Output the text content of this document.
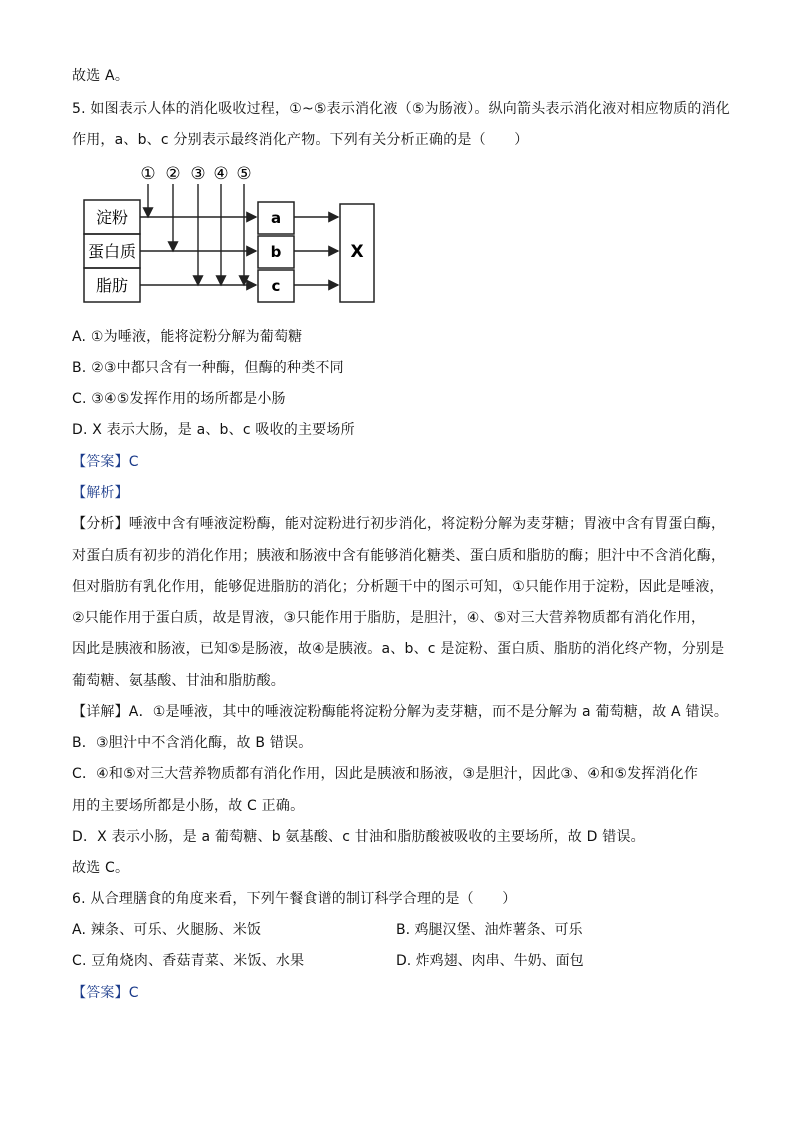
故选 A。
5. 如图表示人体的消化吸收过程，①~⑤表示消化液（⑤为肠液）。纵向箭头表示消化液对相应物质的消化
作用，a、b、c 分别表示最终消化产物。下列有关分析正确的是（　　）
① ② ③ ④ ⑤
淀粉
蛋白质
脂肪
a
b
c
X
A. ①为唾液，能将淀粉分解为葡萄糖
B. ②③中都只含有一种酶，但酶的种类不同
C. ③④⑤发挥作用的场所都是小肠
D. X 表示大肠，是 a、b、c 吸收的主要场所
【答案】C
【解析】
【分析】唾液中含有唾液淀粉酶，能对淀粉进行初步消化，将淀粉分解为麦芽糖；胃液中含有胃蛋白酶，
对蛋白质有初步的消化作用；胰液和肠液中含有能够消化糖类、蛋白质和脂肪的酶；胆汁中不含消化酶，
但对脂肪有乳化作用，能够促进脂肪的消化；分析题干中的图示可知，①只能作用于淀粉，因此是唾液，
②只能作用于蛋白质，故是胃液，③只能作用于脂肪，是胆汁，④、⑤对三大营养物质都有消化作用，
因此是胰液和肠液，已知⑤是肠液，故④是胰液。a、b、c 是淀粉、蛋白质、脂肪的消化终产物，分别是
葡萄糖、氨基酸、甘油和脂肪酸。
【详解】A．①是唾液，其中的唾液淀粉酶能将淀粉分解为麦芽糖，而不是分解为 a 葡萄糖，故 A 错误。
B．③胆汁中不含消化酶，故 B 错误。
C．④和⑤对三大营养物质都有消化作用，因此是胰液和肠液，③是胆汁，因此③、④和⑤发挥消化作
用的主要场所都是小肠，故 C 正确。
D．X 表示小肠，是 a 葡萄糖、b 氨基酸、c 甘油和脂肪酸被吸收的主要场所，故 D 错误。
故选 C。
6. 从合理膳食的角度来看，下列午餐食谱的制订科学合理的是（　　）
A. 辣条、可乐、火腿肠、米饭	B. 鸡腿汉堡、油炸薯条、可乐
C. 豆角烧肉、香菇青菜、米饭、水果	D. 炸鸡翅、肉串、牛奶、面包
【答案】C
